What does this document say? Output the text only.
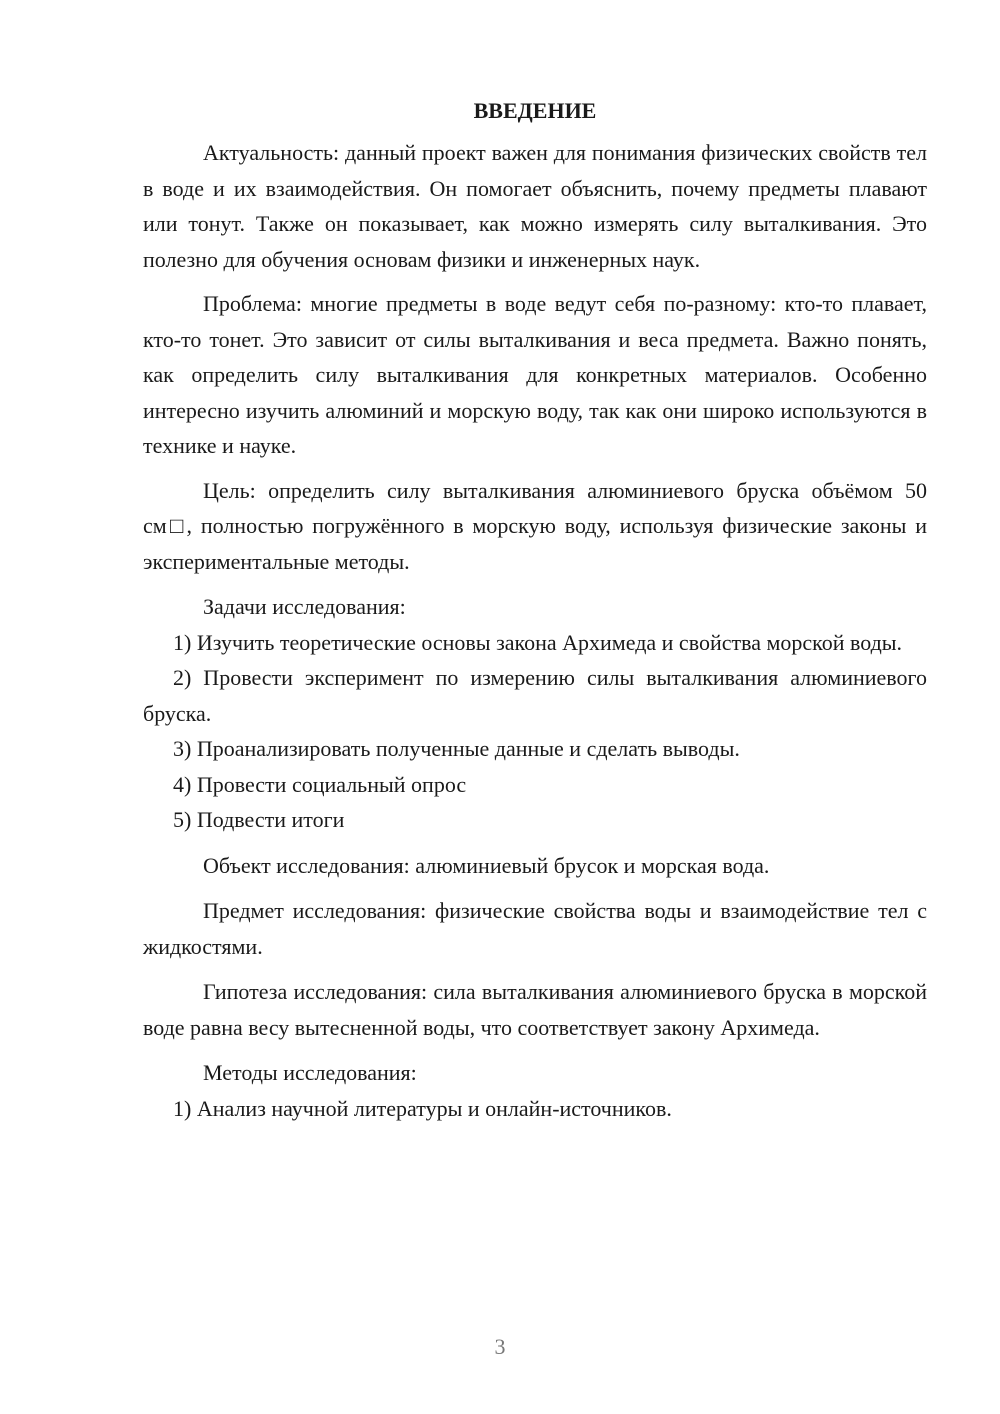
ВВЕДЕНИЕ

Актуальность: данный проект важен для понимания физических свойств тел в воде и их взаимодействия. Он помогает объяснить, почему предметы плавают или тонут. Также он показывает, как можно измерять силу выталкивания. Это полезно для обучения основам физики и инженерных наук.

Проблема: многие предметы в воде ведут себя по-разному: кто-то плавает, кто-то тонет. Это зависит от силы выталкивания и веса предмета. Важно понять, как определить силу выталкивания для конкретных материалов. Особенно интересно изучить алюминий и морскую воду, так как они широко используются в технике и науке.

Цель: определить силу выталкивания алюминиевого бруска объёмом 50 см□, полностью погружённого в морскую воду, используя физические законы и экспериментальные методы.

Задачи исследования:

1) Изучить теоретические основы закона Архимеда и свойства морской воды.

2) Провести эксперимент по измерению силы выталкивания алюминиевого бруска.

3) Проанализировать полученные данные и сделать выводы.

4) Провести социальный опрос

5) Подвести итоги

Объект исследования: алюминиевый брусок и морская вода.

Предмет исследования: физические свойства воды и взаимодействие тел с жидкостями.

Гипотеза исследования: сила выталкивания алюминиевого бруска в морской воде равна весу вытесненной воды, что соответствует закону Архимеда.

Методы исследования:

1) Анализ научной литературы и онлайн-источников.

3
